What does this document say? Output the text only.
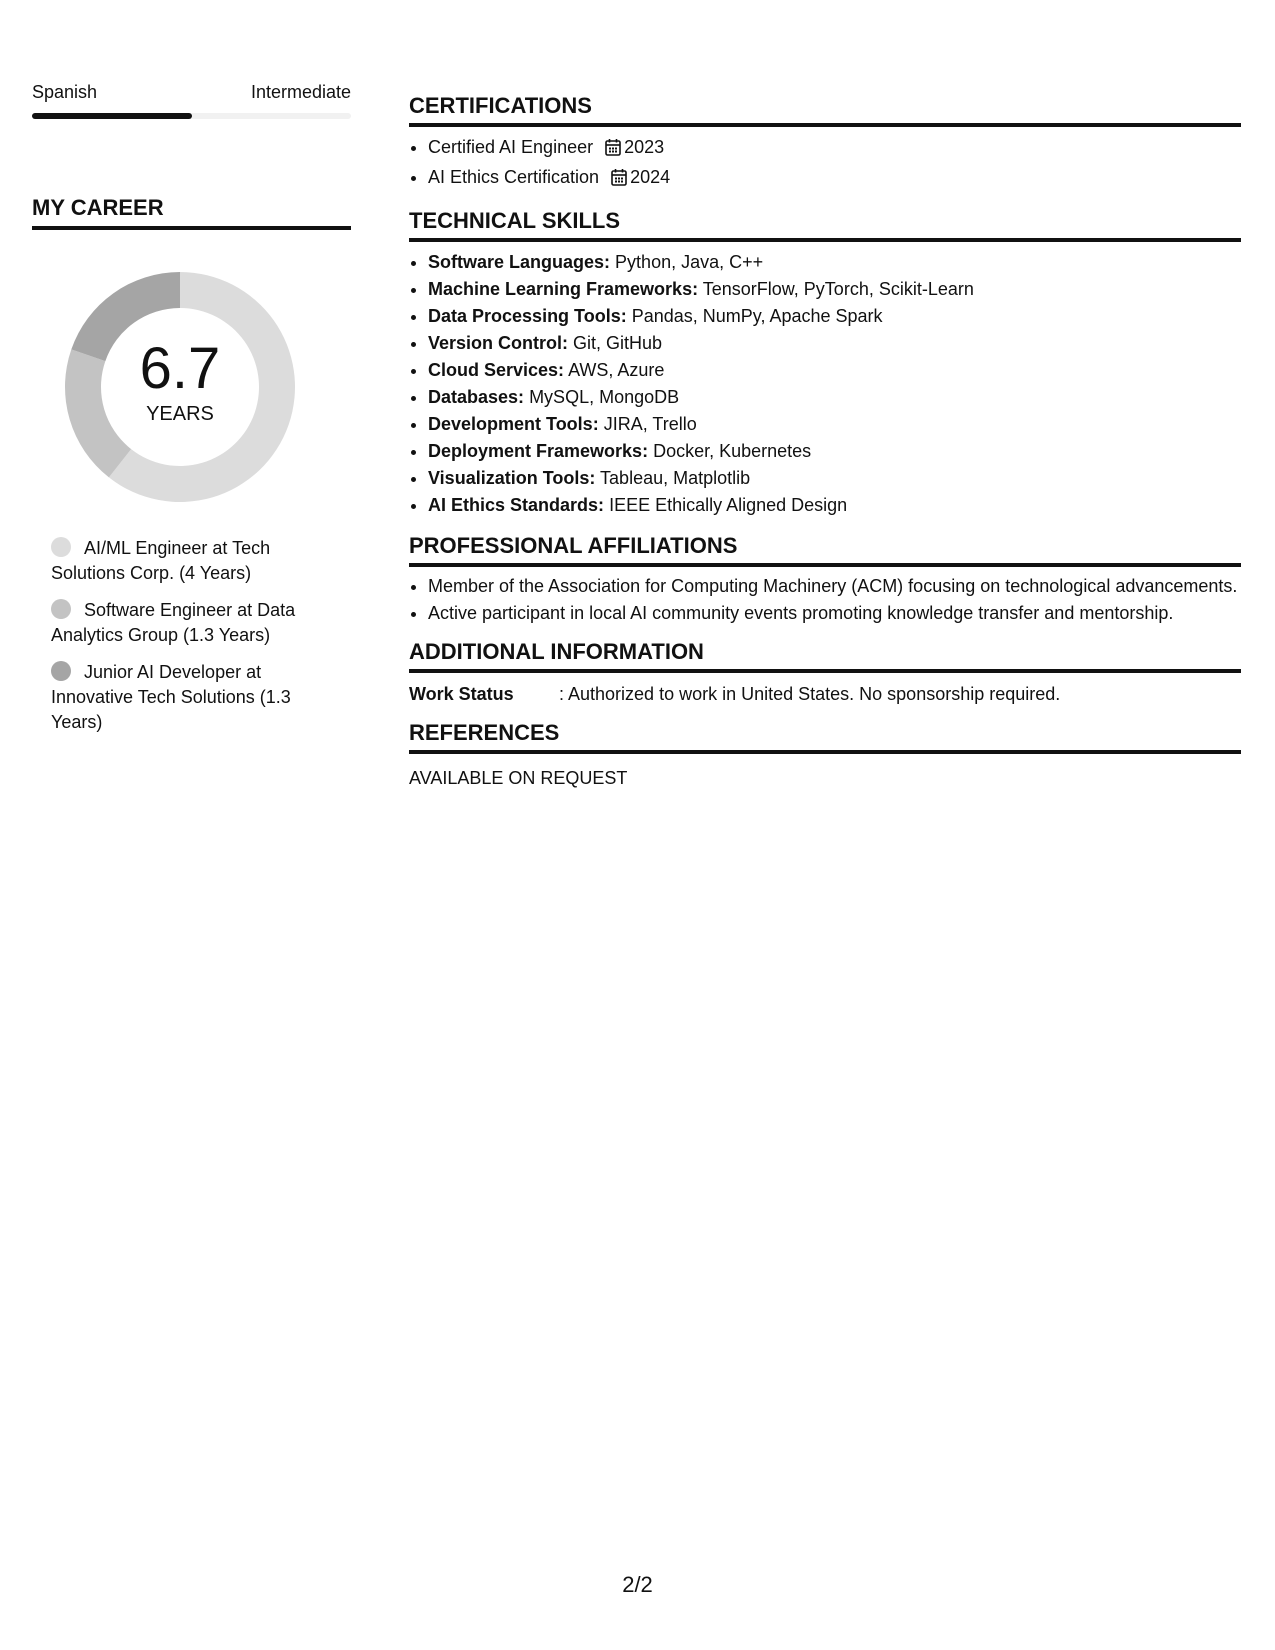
Spanish	Intermediate
MY CAREER
6.7
YEARS
AI/ML Engineer at Tech Solutions Corp. (4 Years)
Software Engineer at Data Analytics Group (1.3 Years)
Junior AI Developer at Innovative Tech Solutions (1.3 Years)
CERTIFICATIONS
• Certified AI Engineer 2023
• AI Ethics Certification 2024
TECHNICAL SKILLS
• Software Languages: Python, Java, C++
• Machine Learning Frameworks: TensorFlow, PyTorch, Scikit-Learn
• Data Processing Tools: Pandas, NumPy, Apache Spark
• Version Control: Git, GitHub
• Cloud Services: AWS, Azure
• Databases: MySQL, MongoDB
• Development Tools: JIRA, Trello
• Deployment Frameworks: Docker, Kubernetes
• Visualization Tools: Tableau, Matplotlib
• AI Ethics Standards: IEEE Ethically Aligned Design
PROFESSIONAL AFFILIATIONS
• Member of the Association for Computing Machinery (ACM) focusing on technological advancements.
• Active participant in local AI community events promoting knowledge transfer and mentorship.
ADDITIONAL INFORMATION
Work Status	: Authorized to work in United States. No sponsorship required.
REFERENCES
AVAILABLE ON REQUEST
2/2
